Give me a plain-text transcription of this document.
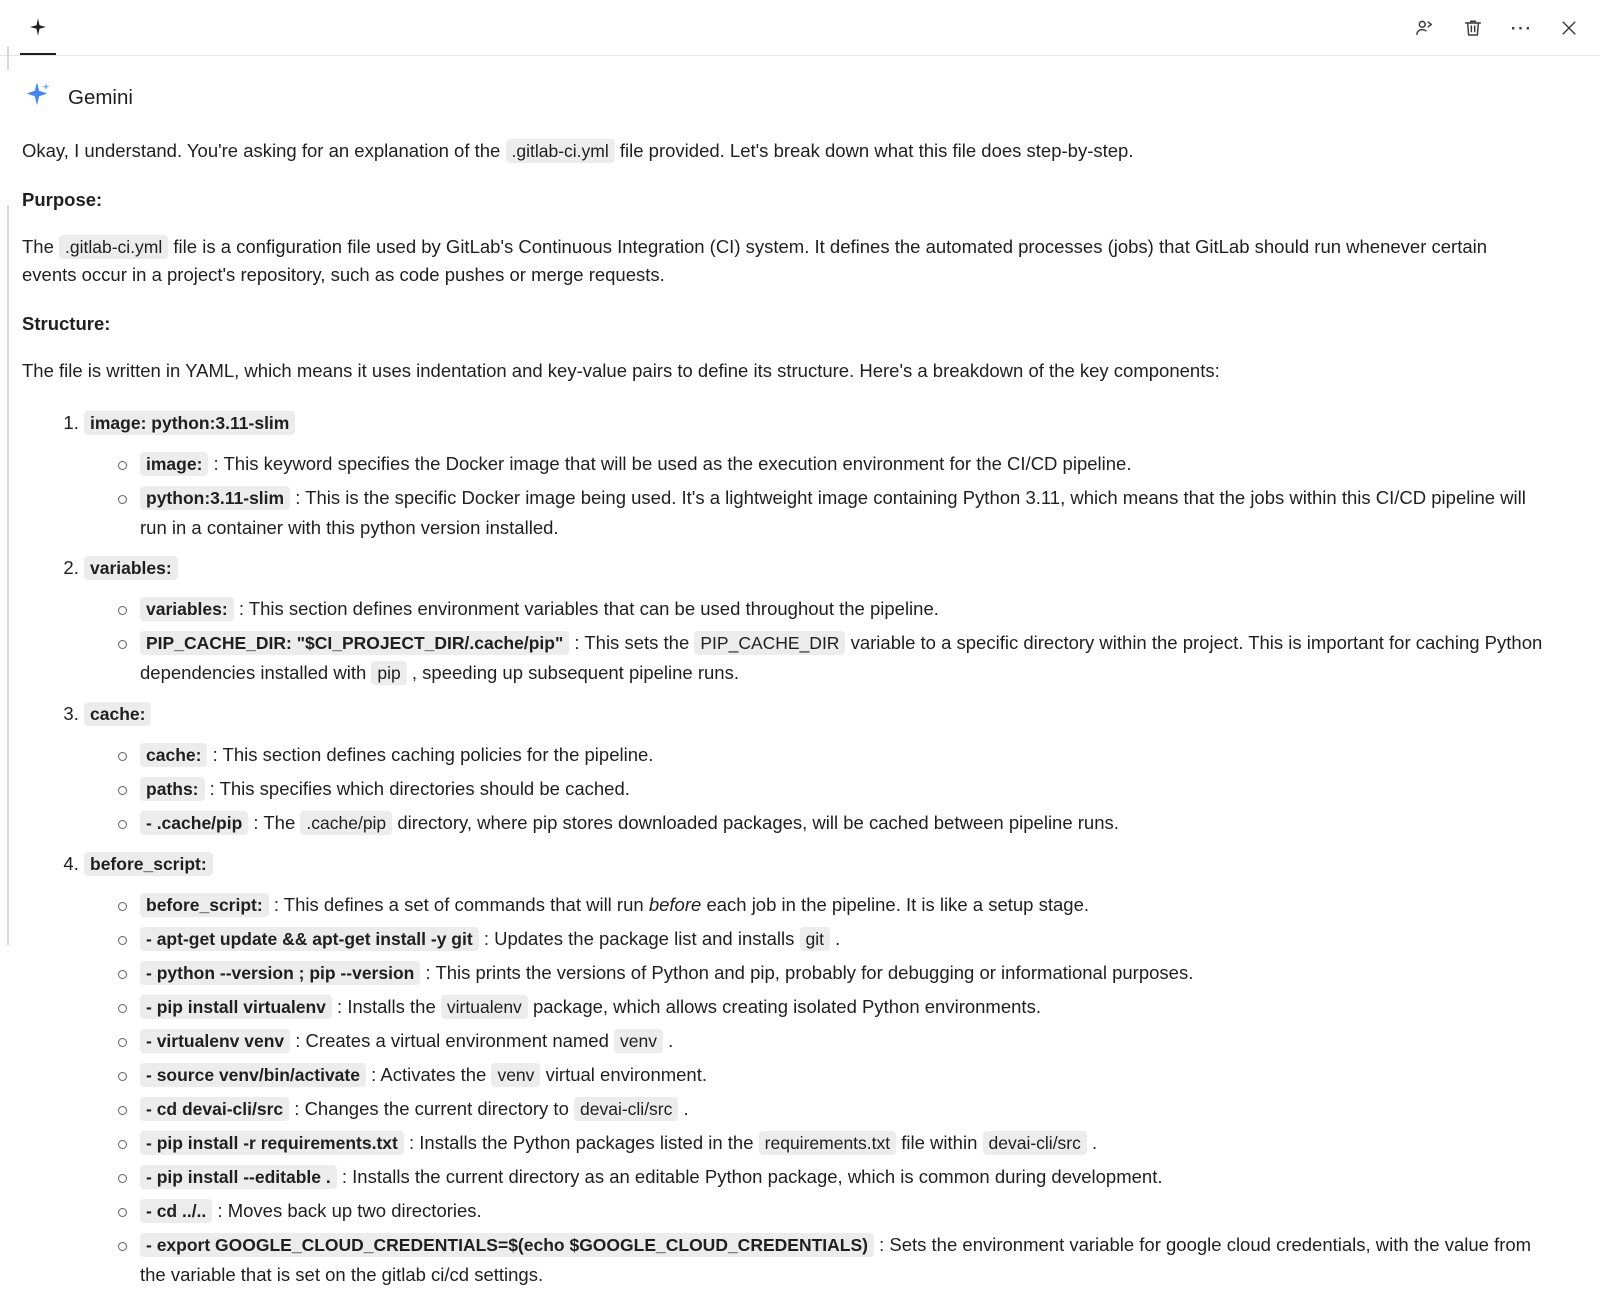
⋯
Gemini

Okay, I understand. You're asking for an explanation of the .gitlab-ci.yml file provided. Let's break down what this file does step-by-step.

Purpose:

The .gitlab-ci.yml file is a configuration file used by GitLab's Continuous Integration (CI) system. It defines the automated processes (jobs) that GitLab should run whenever certain events occur in a project's repository, such as code pushes or merge requests.

Structure:

The file is written in YAML, which means it uses indentation and key-value pairs to define its structure. Here's a breakdown of the key components:

1. image: python:3.11-slim
image: : This keyword specifies the Docker image that will be used as the execution environment for the CI/CD pipeline.
python:3.11-slim : This is the specific Docker image being used. It's a lightweight image containing Python 3.11, which means that the jobs within this CI/CD pipeline will run in a container with this python version installed.
2. variables:
variables: : This section defines environment variables that can be used throughout the pipeline.
PIP_CACHE_DIR: "$CI_PROJECT_DIR/.cache/pip" : This sets the PIP_CACHE_DIR variable to a specific directory within the project. This is important for caching Python dependencies installed with pip , speeding up subsequent pipeline runs.
3. cache:
cache: : This section defines caching policies for the pipeline.
paths: : This specifies which directories should be cached.
- .cache/pip : The .cache/pip directory, where pip stores downloaded packages, will be cached between pipeline runs.
4. before_script:
before_script: : This defines a set of commands that will run before each job in the pipeline. It is like a setup stage.
- apt-get update && apt-get install -y git : Updates the package list and installs git .
- python --version ; pip --version : This prints the versions of Python and pip, probably for debugging or informational purposes.
- pip install virtualenv : Installs the virtualenv package, which allows creating isolated Python environments.
- virtualenv venv : Creates a virtual environment named venv .
- source venv/bin/activate : Activates the venv virtual environment.
- cd devai-cli/src : Changes the current directory to devai-cli/src .
- pip install -r requirements.txt : Installs the Python packages listed in the requirements.txt file within devai-cli/src .
- pip install --editable . : Installs the current directory as an editable Python package, which is common during development.
- cd ../.. : Moves back up two directories.
- export GOOGLE_CLOUD_CREDENTIALS=$(echo $GOOGLE_CLOUD_CREDENTIALS) : Sets the environment variable for google cloud credentials, with the value from the variable that is set on the gitlab ci/cd settings.
